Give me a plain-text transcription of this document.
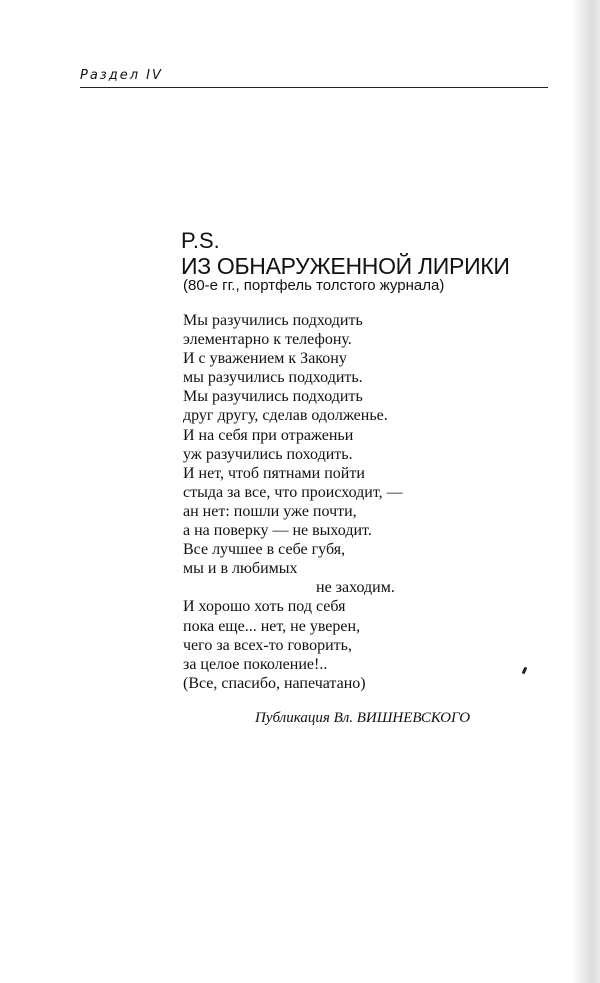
Раздел IV
P.S.
ИЗ ОБНАРУЖЕННОЙ ЛИРИКИ
(80-е гг., портфель толстого журнала)
Мы разучились подходить
элементарно к телефону.
И с уважением к Закону
мы разучились подходить.
Мы разучились подходить
друг другу, сделав одолженье.
И на себя при отраженьи
уж разучились походить.
И нет, чтоб пятнами пойти
стыда за все, что происходит, —
ан нет: пошли уже почти,
а на поверку — не выходит.
Все лучшее в себе губя,
мы и в любимых
не заходим.
И хорошо хоть под себя
пока еще... нет, не уверен,
чего за всех-то говорить,
за целое поколение!..
(Все, спасибо, напечатано)
Публикация Вл. ВИШНЕВСКОГО
